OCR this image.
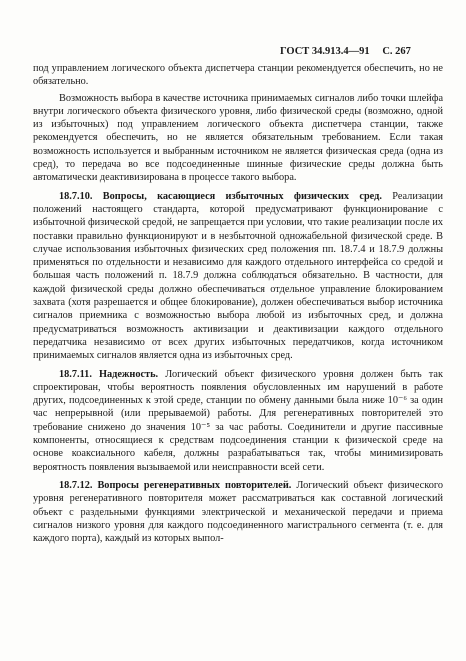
ГОСТ 34.913.4—91 С. 267

под управлением логического объекта диспетчера станции рекомендуется обеспечить, но не обязательно.

Возможность выбора в качестве источника принимаемых сигналов либо точки шлейфа внутри логического объекта физического уровня, либо физической среды (возможно, одной из избыточных) под управлением логического объекта диспетчера станции, также рекомендуется обеспечить, но не является обязательным требованием. Если такая возможность используется и выбранным источником не является физическая среда (одна из сред), то передача во все подсоединенные шинные физические среды должна быть автоматически деактивизирована в процессе такого выбора.

18.7.10. Вопросы, касающиеся избыточных физических сред. Реализации положений настоящего стандарта, которой предусматривают функционирование с избыточной физической средой, не запрещается при условии, что такие реализации после их поставки правильно функционируют и в незбыточной одножабельной физической среде. В случае использования избыточных физических сред положения пп. 18.7.4 и 18.7.9 должны применяться по отдельности и независимо для каждого отдельного интерфейса со средой и большая часть положений п. 18.7.9 должна соблюдаться обязательно. В частности, для каждой физической среды должно обеспечиваться отдельное управление блокированием захвата (хотя разрешается и общее блокирование), должен обеспечиваться выбор источника сигналов приемника с возможностью выбора любой из избыточных сред, и должна предусматриваться возможность активизации и деактивизации каждого отдельного передатчика независимо от всех других избыточных передатчиков, когда источником принимаемых сигналов является одна из избыточных сред.

18.7.11. Надежность. Логический объект физического уровня должен быть так спроектирован, чтобы вероятность появления обусловленных им нарушений в работе других, подсоединенных к этой среде, станции по обмену данными была ниже 10⁻⁶ за один час непрерывной (или прерываемой) работы. Для регенеративных повторителей это требование снижено до значения 10⁻⁵ за час работы. Соединители и другие пассивные компоненты, относящиеся к средствам подсоединения станции к физической среде на основе коаксиального кабеля, должны разрабатываться так, чтобы минимизировать вероятность появления вызываемой или неисправности всей сети.

18.7.12. Вопросы регенеративных повторителей. Логический объект физического уровня регенеративного повторителя может рассматриваться как составной логический объект с раздельными функциями электрической и механической передачи и приема сигналов низкого уровня для каждого подсоединенного магистрального сегмента (т. е. для каждого порта), каждый из которых выпол-
